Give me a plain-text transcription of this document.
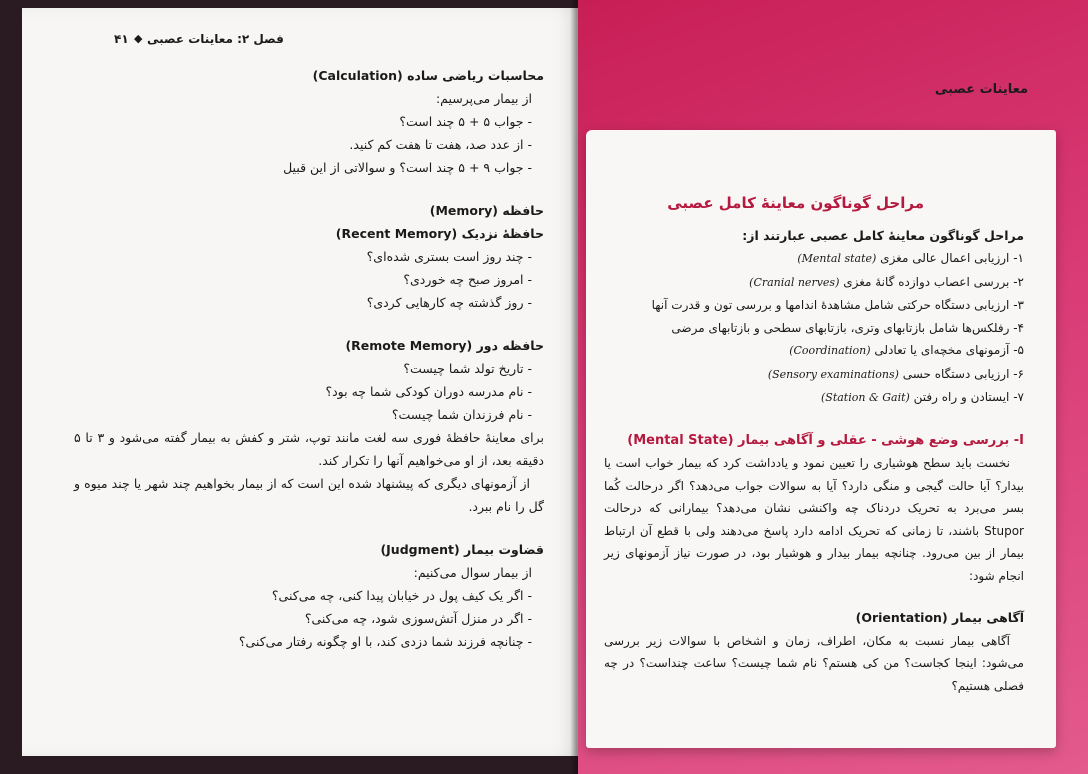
۴۱ ◆ فصل ۲: معاینات عصبی
محاسبات ریاضی ساده (Calculation)
از بیمار می‌پرسیم:
- جواب ۵ + ۵ چند است؟
- از عدد صد، هفت تا هفت کم کنید.
- جواب ۹ + ۵ چند است؟ و سوالاتی از این قبیل
حافظه (Memory)
حافظهٔ نزدیک (Recent Memory)
- چند روز است بستری شده‌ای؟
- امروز صبح چه خوردی؟
- روز گذشته چه کارهایی کردی؟
حافظه دور (Remote Memory)
- تاریخ تولد شما چیست؟
- نام مدرسه دوران کودکی شما چه بود؟
- نام فرزندان شما چیست؟
برای معاینهٔ حافظهٔ فوری سه لغت مانند توپ، شتر و کفش به بیمار گفته می‌شود و ۳ تا ۵ دقیقه بعد، از او می‌خواهیم آنها را تکرار کند.
از آزمونهای دیگری که پیشنهاد شده این است که از بیمار بخواهیم چند شهر یا چند میوه و گل را نام ببرد.
قضاوت بیمار (Judgment)
از بیمار سوال می‌کنیم:
- اگر یک کیف پول در خیابان پیدا کنی، چه می‌کنی؟
- اگر در منزل آتش‌سوزی شود، چه می‌کنی؟
- چنانچه فرزند شما دزدی کند، با او چگونه رفتار می‌کنی؟
معاینات عصبی
مراحل گوناگون معاینهٔ کامل عصبی
مراحل گوناگون معاینهٔ کامل عصبی عبارتند از:
۱- ارزیابی اعمال عالی مغزی (Mental state)
۲- بررسی اعصاب دوازده گانهٔ مغزی (Cranial nerves)
۳- ارزیابی دستگاه حرکتی شامل مشاهدهٔ اندامها و بررسی تون و قدرت آنها
۴- رفلکس‌ها شامل بازتابهای وتری، بازتابهای سطحی و بازتابهای مرضی
۵- آزمونهای مخچه‌ای یا تعادلی (Coordination)
۶- ارزیابی دستگاه حسی (Sensory examinations)
۷- ایستادن و راه رفتن (Station & Gait)
I- بررسی وضع هوشی - عقلی و آگاهی بیمار (Mental State)
نخست باید سطح هوشیاری را تعیین نمود و یادداشت کرد که بیمار خواب است یا بیدار؟ آیا حالت گیجی و منگی دارد؟ آیا به سوالات جواب می‌دهد؟ اگر درحالت کُما بسر می‌برد به تحریک دردناک چه واکنشی نشان می‌دهد؟ بیمارانی که درحالت Stupor باشند، تا زمانی که تحریک ادامه دارد پاسخ می‌دهند ولی با قطع آن ارتباط بیمار از بین می‌رود. چنانچه بیمار بیدار و هوشیار بود، در صورت نیاز آزمونهای زیر انجام شود:
آگاهی بیمار (Orientation)
آگاهی بیمار نسبت به مکان، اطراف، زمان و اشخاص با سوالات زیر بررسی می‌شود: اینجا کجاست؟ من کی هستم؟ نام شما چیست؟ ساعت چنداست؟ در چه فصلی هستیم؟
